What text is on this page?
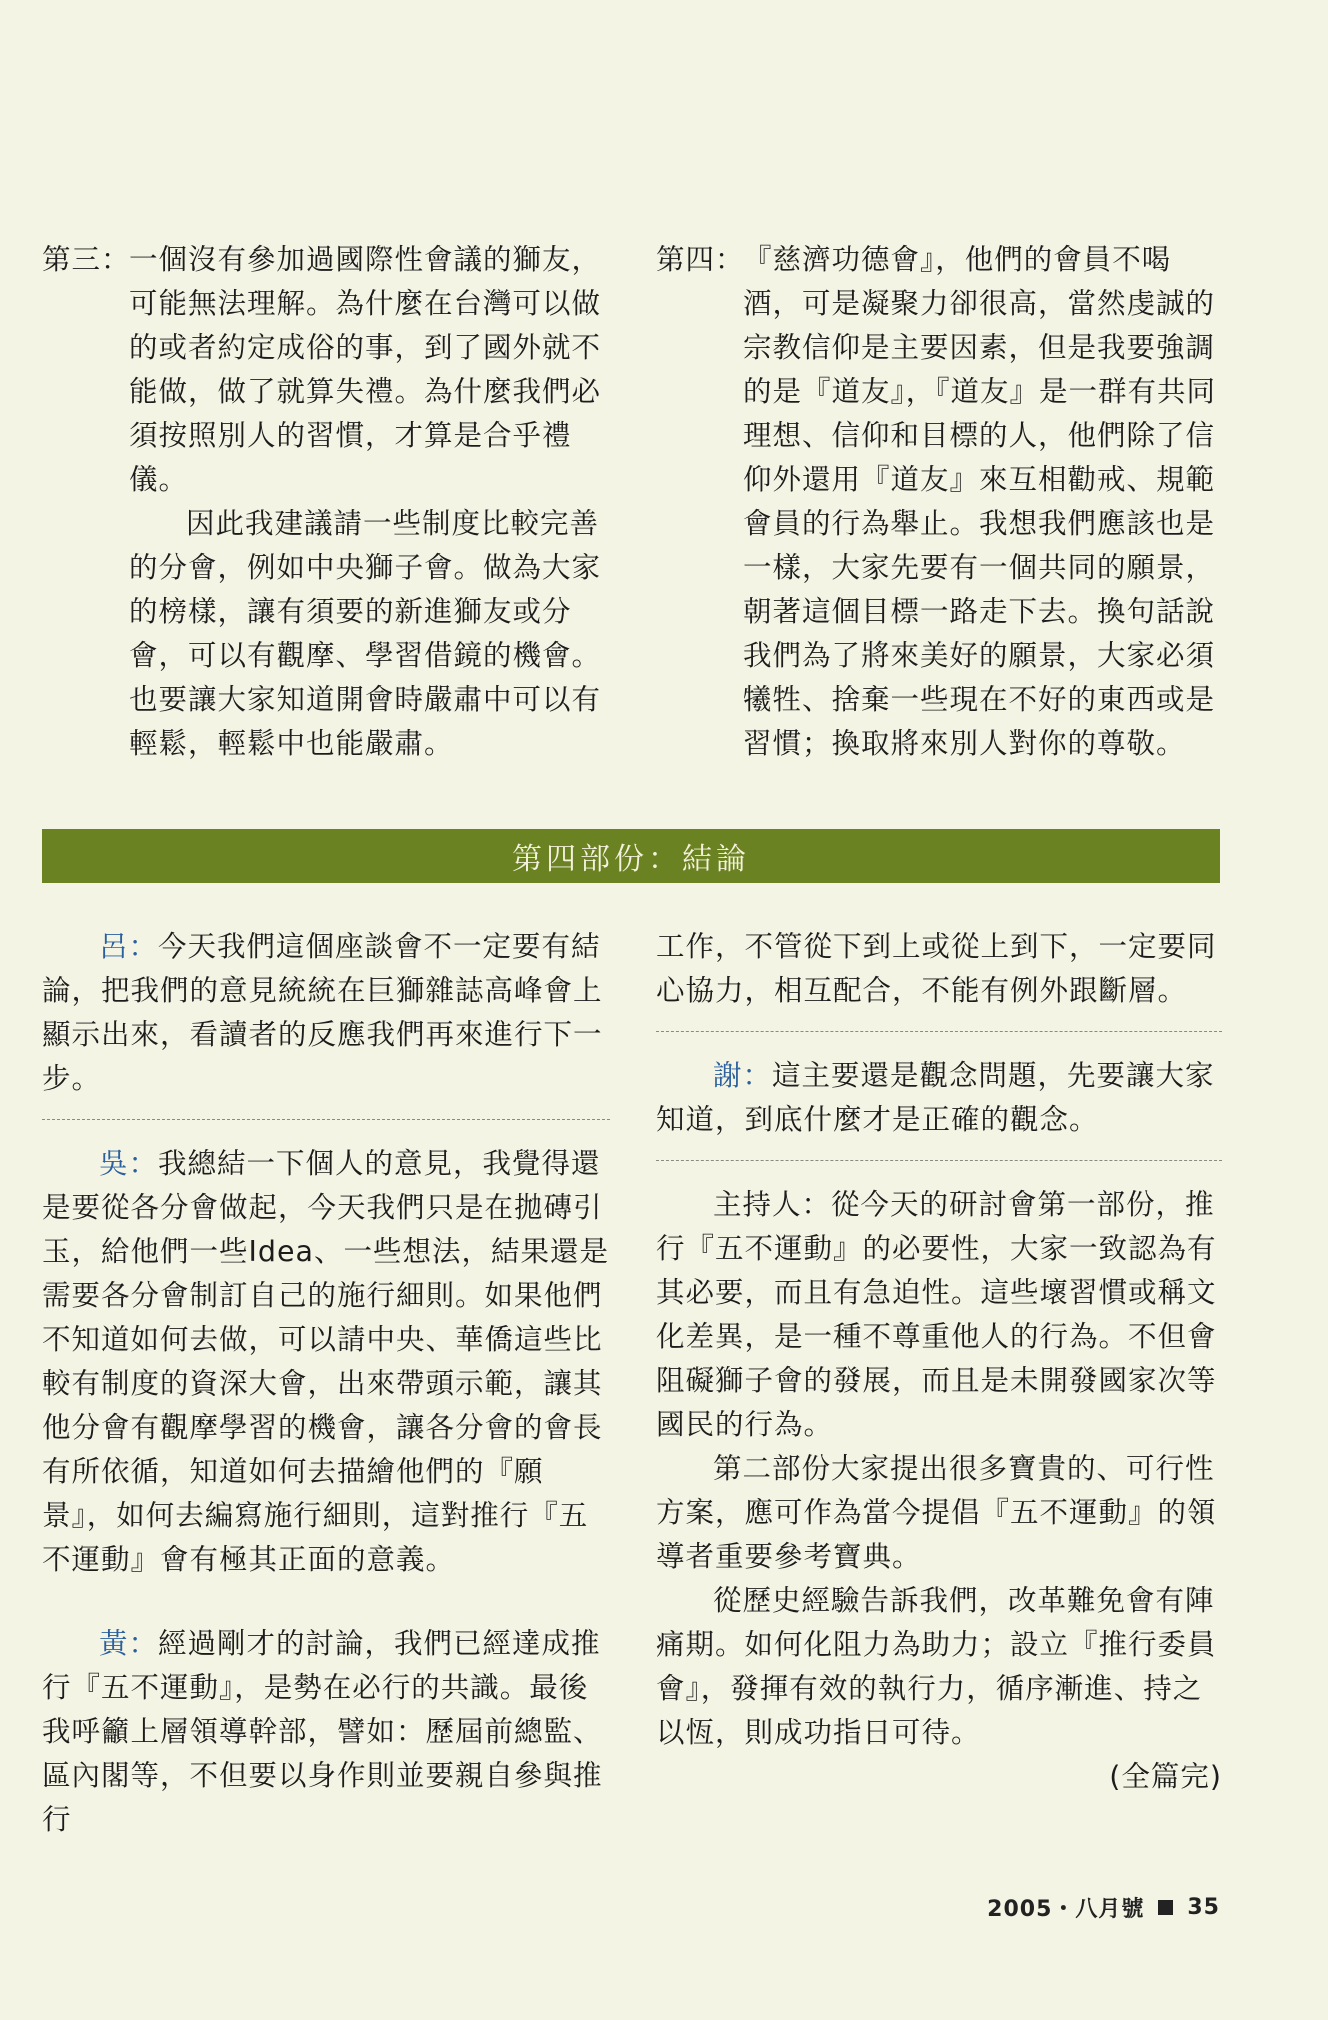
第三：
一個沒有參加過國際性會議的獅友，可能無法理解。為什麼在台灣可以做的或者約定成俗的事，到了國外就不能做，做了就算失禮。為什麼我們必須按照別人的習慣，才算是合乎禮儀。
因此我建議請一些制度比較完善的分會，例如中央獅子會。做為大家的榜樣，讓有須要的新進獅友或分會，可以有觀摩、學習借鏡的機會。也要讓大家知道開會時嚴肅中可以有輕鬆，輕鬆中也能嚴肅。
第四：
『慈濟功德會』，他們的會員不喝酒，可是凝聚力卻很高，當然虔誠的宗教信仰是主要因素，但是我要強調的是『道友』，『道友』是一群有共同理想、信仰和目標的人，他們除了信仰外還用『道友』來互相勸戒、規範會員的行為舉止。我想我們應該也是一樣，大家先要有一個共同的願景，朝著這個目標一路走下去。換句話說我們為了將來美好的願景，大家必須犧牲、捨棄一些現在不好的東西或是習慣；換取將來別人對你的尊敬。
第四部份：結論
呂：今天我們這個座談會不一定要有結論，把我們的意見統統在巨獅雜誌高峰會上顯示出來，看讀者的反應我們再來進行下一步。
吳：我總結一下個人的意見，我覺得還是要從各分會做起，今天我們只是在拋磚引玉，給他們一些Idea、一些想法，結果還是需要各分會制訂自己的施行細則。如果他們不知道如何去做，可以請中央、華僑這些比較有制度的資深大會，出來帶頭示範，讓其他分會有觀摩學習的機會，讓各分會的會長有所依循，知道如何去描繪他們的『願景』，如何去編寫施行細則，這對推行『五不運動』會有極其正面的意義。
黃：經過剛才的討論，我們已經達成推行『五不運動』，是勢在必行的共識。最後我呼籲上層領導幹部，譬如：歷屆前總監、區內閣等，不但要以身作則並要親自參與推行
工作，不管從下到上或從上到下，一定要同心協力，相互配合，不能有例外跟斷層。
謝：這主要還是觀念問題，先要讓大家知道，到底什麼才是正確的觀念。
主持人：從今天的研討會第一部份，推行『五不運動』的必要性，大家一致認為有其必要，而且有急迫性。這些壞習慣或稱文化差異，是一種不尊重他人的行為。不但會阻礙獅子會的發展，而且是未開發國家次等國民的行為。
第二部份大家提出很多寶貴的、可行性方案，應可作為當今提倡『五不運動』的領導者重要參考寶典。
從歷史經驗告訴我們，改革難免會有陣痛期。如何化阻力為助力；設立『推行委員會』，發揮有效的執行力，循序漸進、持之以恆，則成功指日可待。
(全篇完)
2005・八月號 35
